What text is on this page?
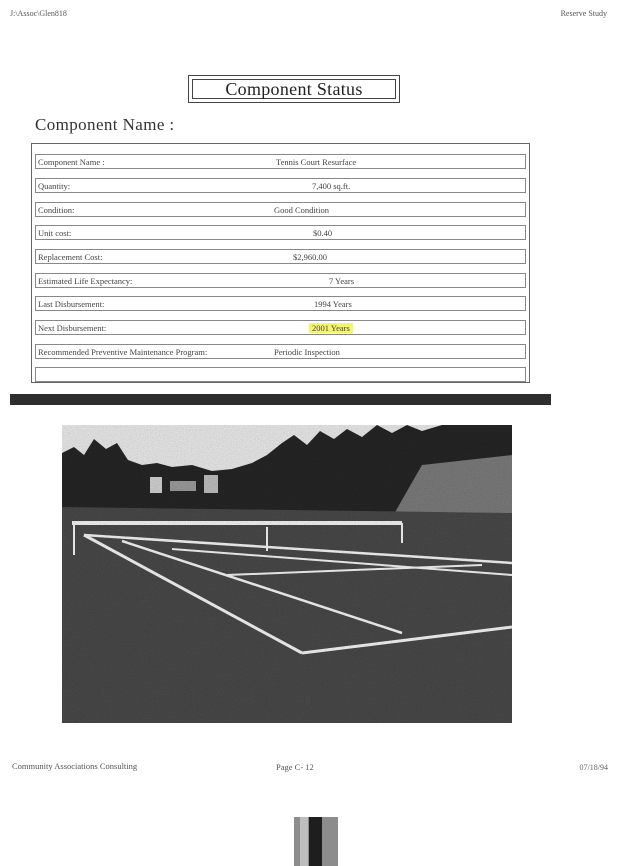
J:\Assoc\Glen818	Reserve Study
Component Status
Component Name :
Component Name :	Tennis Court Resurface
Quantity:	7,400 sq.ft.
Condition:	Good Condition
Unit cost:	$0.40
Replacement Cost:	$2,960.00
Estimated Life Expectancy:	7 Years
Last Disbursement:	1994 Years
Next Disbursement:	2001 Years
Recommended Preventive Maintenance Program:	Periodic Inspection
Community Associations Consulting	Page C- 12	07/18/94
